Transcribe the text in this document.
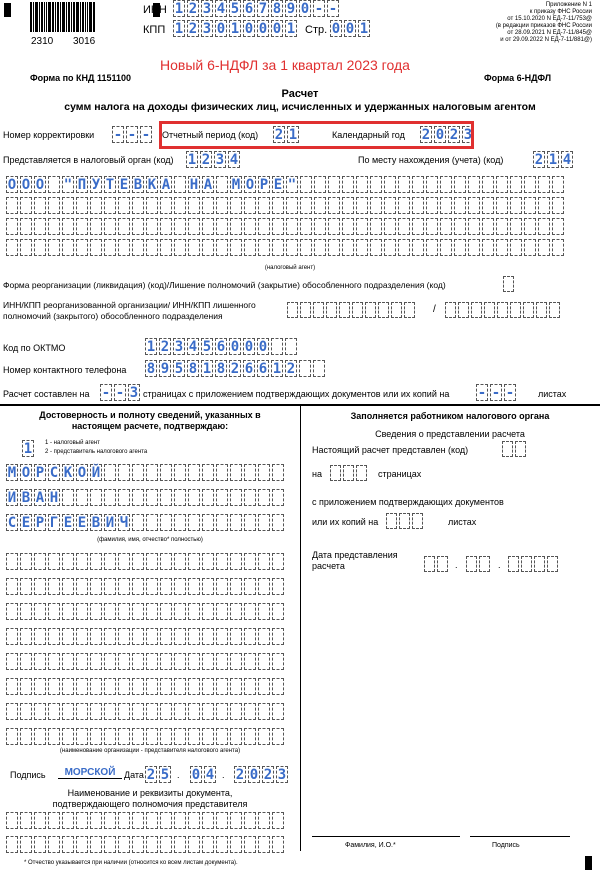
2310 3016
ИНН 1 2 3 4 5 6 7 8 9 0 - -
КПП 1 2 3 0 1 0 0 0 1 Стр. 0 0 1
Приложение N 1
к приказу ФНС России
от 15.10.2020 N ЕД-7-11/753@
(в редакции приказов ФНС России
от 28.09.2021 N ЕД-7-11/845@
и от 29.09.2022 N ЕД-7-11/881@)
Форма по КНД 1151100	Форма 6-НДФЛ
Новый 6-НДФЛ за 1 квартал 2023 года
Расчет
сумм налога на доходы физических лиц, исчисленных и удержанных налоговым агентом
Номер корректировки - - - Отчетный период (код) 2 1	Календарный год 2 0 2 3
Представляется в налоговый орган (код) 1 2 3 4	По месту нахождения (учета) (код) 2 1 4
О О О " П У Т Е В К А Н А М О Р Е "
(налоговый агент)
Форма реорганизации (ликвидация) (код)/Лишение полномочий (закрытие) обособленного подразделения (код)
ИНН/КПП реорганизованной организации/ ИНН/КПП лишенного полномочий (закрытого) обособленного подразделения
/
Код по ОКТМО	1 2 3 4 5 6 0 0 0
Номер контактного телефона 8 9 5 8 1 8 2 6 6 1 2
Расчет составлен на - - 3 страницах с приложением подтверждающих документов или их копий на - - -	листах
Достоверность и полноту сведений, указанных в настоящем расчете, подтверждаю:
1 1 - налоговый агент
2 - представитель налогового агента
М О Р С К О Й
И В А Н
С Е Р Г Е Е В И Ч
(фамилия, имя, отчество* полностью)
(наименование организации - представителя налогового агента)
Подпись	МОРСКОЙ Дата 2 5 . 0 4 . 2 0 2 3
Наименование и реквизиты документа, подтверждающего полномочия представителя
Заполняется работником налогового органа
Сведения о представлении расчета
Настоящий расчет представлен (код)
на	страницах
с приложением подтверждающих документов
или их копий на	листах
Дата представления расчета	.	.
Фамилия, И.О.*	Подпись
* Отчество указывается при наличии (относится ко всем листам документа).
